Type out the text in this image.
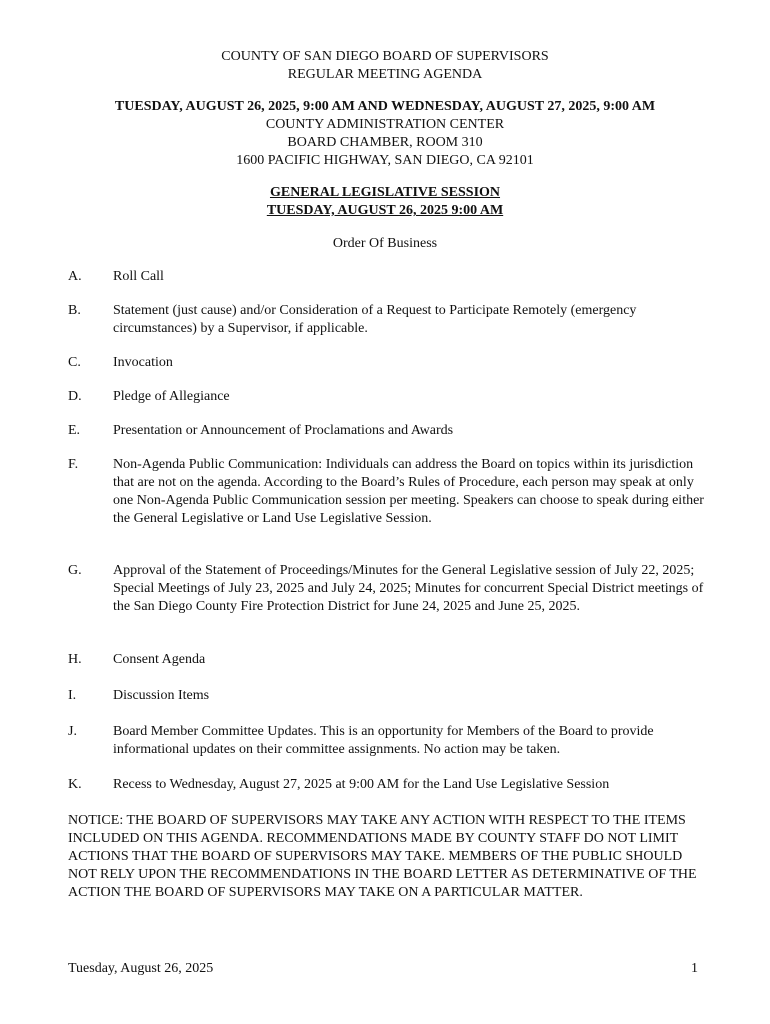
COUNTY OF SAN DIEGO BOARD OF SUPERVISORS
REGULAR MEETING AGENDA
TUESDAY, AUGUST 26, 2025, 9:00 AM AND WEDNESDAY, AUGUST 27, 2025, 9:00 AM
COUNTY ADMINISTRATION CENTER
BOARD CHAMBER, ROOM 310
1600 PACIFIC HIGHWAY, SAN DIEGO, CA 92101
GENERAL LEGISLATIVE SESSION
TUESDAY, AUGUST 26, 2025 9:00 AM
Order Of Business
A.	Roll Call
B.	Statement (just cause) and/or Consideration of a Request to Participate Remotely (emergency circumstances) by a Supervisor, if applicable.
C.	Invocation
D.	Pledge of Allegiance
E.	Presentation or Announcement of Proclamations and Awards
F.	Non-Agenda Public Communication: Individuals can address the Board on topics within its jurisdiction that are not on the agenda. According to the Board’s Rules of Procedure, each person may speak at only one Non-Agenda Public Communication session per meeting. Speakers can choose to speak during either the General Legislative or Land Use Legislative Session.
G.	Approval of the Statement of Proceedings/Minutes for the General Legislative session of July 22, 2025; Special Meetings of July 23, 2025 and July 24, 2025; Minutes for concurrent Special District meetings of the San Diego County Fire Protection District for June 24, 2025 and June 25, 2025.
H.	Consent Agenda
I.	Discussion Items
J.	Board Member Committee Updates. This is an opportunity for Members of the Board to provide informational updates on their committee assignments. No action may be taken.
K.	Recess to Wednesday, August 27, 2025 at 9:00 AM for the Land Use Legislative Session
NOTICE: THE BOARD OF SUPERVISORS MAY TAKE ANY ACTION WITH RESPECT TO THE ITEMS INCLUDED ON THIS AGENDA. RECOMMENDATIONS MADE BY COUNTY STAFF DO NOT LIMIT ACTIONS THAT THE BOARD OF SUPERVISORS MAY TAKE. MEMBERS OF THE PUBLIC SHOULD NOT RELY UPON THE RECOMMENDATIONS IN THE BOARD LETTER AS DETERMINATIVE OF THE ACTION THE BOARD OF SUPERVISORS MAY TAKE ON A PARTICULAR MATTER.
Tuesday, August 26, 2025	1
